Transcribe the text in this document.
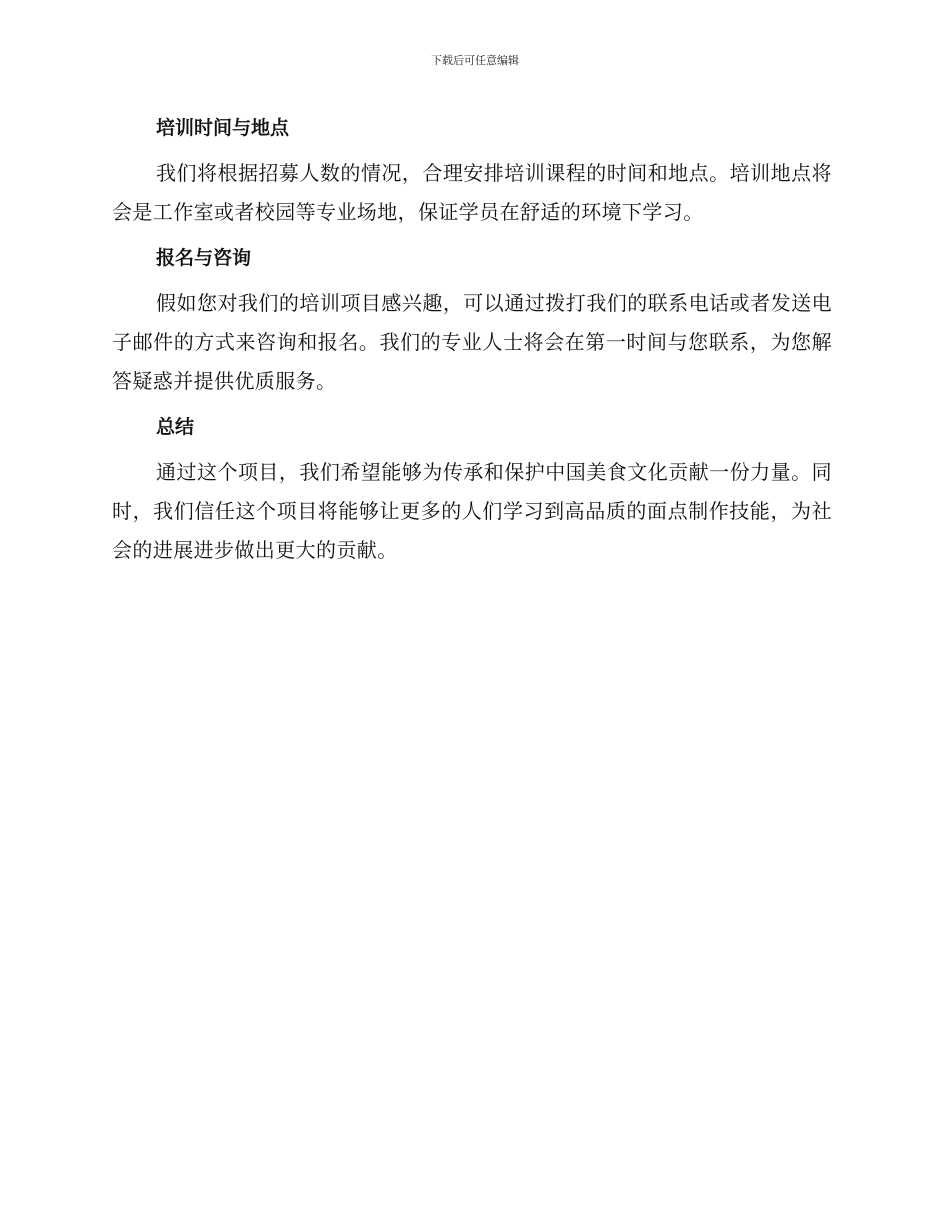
下载后可任意编辑
培训时间与地点

我们将根据招募人数的情况，合理安排培训课程的时间和地点。培训地点将会是工作室或者校园等专业场地，保证学员在舒适的环境下学习。

报名与咨询

假如您对我们的培训项目感兴趣，可以通过拨打我们的联系电话或者发送电子邮件的方式来咨询和报名。我们的专业人士将会在第一时间与您联系，为您解答疑惑并提供优质服务。

总结

通过这个项目，我们希望能够为传承和保护中国美食文化贡献一份力量。同时，我们信任这个项目将能够让更多的人们学习到高品质的面点制作技能，为社会的进展进步做出更大的贡献。
